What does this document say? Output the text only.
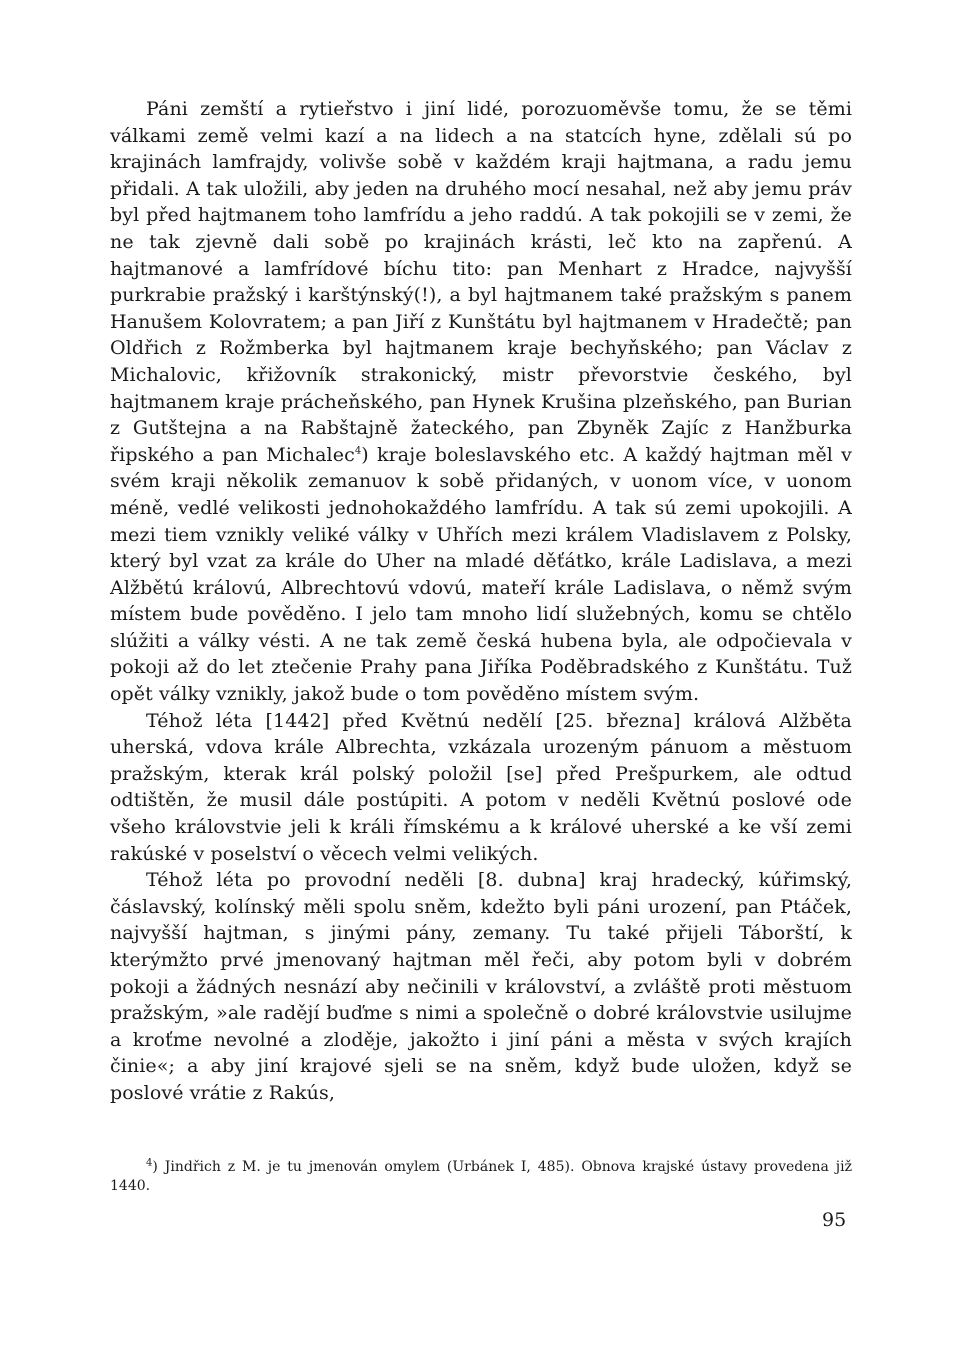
Páni zemští a rytieřstvo i jiní lidé, porozuoměvše tomu, že se těmi válkami země velmi kazí a na lidech a na statcích hyne, zdělali sú po krajinách lamfrajdy, volivše sobě v každém kraji hajtmana, a radu jemu přidali. A tak uložili, aby jeden na druhého mocí nesahal, než aby jemu práv byl před hajtmanem toho lamfrídu a jeho raddú. A tak pokojili se v zemi, že ne tak zjevně dali sobě po krajinách krásti, leč kto na zapřenú. A hajtmanové a lamfrídové bíchu tito: pan Menhart z Hradce, najvyšší purkrabie pražský i karštýnský(!), a byl hajtmanem také pražským s panem Hanušem Kolovratem; a pan Jiří z Kunštátu byl hajtmanem v Hradečtě; pan Oldřich z Rožmberka byl hajtmanem kraje bechyňského; pan Václav z Michalovic, křižovník strakonický, mistr převorstvie českého, byl hajtmanem kraje prácheňského, pan Hynek Krušina plzeňského, pan Burian z Gutštejna a na Rabštajně žateckého, pan Zbyněk Zajíc z Hanžburka řipského a pan Michalec$^4$) kraje boleslavského etc. A každý hajtman měl v svém kraji několik zemanuov k sobě přidaných, v uonom více, v uonom méně, vedlé velikosti jednohokaždého lamfrídu. A tak sú zemi upokojili. A mezi tiem vznikly veliké války v Uhřích mezi králem Vladislavem z Polsky, který byl vzat za krále do Uher na mladé děťátko, krále Ladislava, a mezi Alžbětú královú, Albrechtovú vdovú, mateří krále Ladislava, o němž svým místem bude pověděno. I jelo tam mnoho lidí služebných, komu se chtělo slúžiti a války vésti. A ne tak země česká hubena byla, ale odpočievala v pokoji až do let ztečenie Prahy pana Jiříka Poděbradského z Kunštátu. Tuž opět války vznikly, jakož bude o tom pověděno místem svým.

Téhož léta [1442] před Květnú nedělí [25. března] králová Alžběta uherská, vdova krále Albrechta, vzkázala urozeným pánuom a městuom pražským, kterak král polský položil [se] před Prešpurkem, ale odtud odtištěn, že musil dále postúpiti. A potom v neděli Květnú poslové ode všeho královstvie jeli k králi římskému a k králové uherské a ke vší zemi rakúské v poselství o věcech velmi velikých.

Téhož léta po provodní neděli [8. dubna] kraj hradecký, kúřimský, čáslavský, kolínský měli spolu sněm, kdežto byli páni urození, pan Ptáček, najvyšší hajtman, s jinými pány, zemany. Tu také přijeli Táborští, k kterýmžto prvé jmenovaný hajtman měl řeči, aby potom byli v dobrém pokoji a žádných nesnází aby nečinili v království, a zvláště proti městuom pražským, »ale radějí buďme s nimi a společně o dobré královstvie usilujme a kroťme nevolné a zloděje, jakožto i jiní páni a města v svých krajích činie«; a aby jiní krajové sjeli se na sněm, když bude uložen, když se poslové vrátie z Rakús,

$^4$) Jindřich z M. je tu jmenován omylem (Urbánek I, 485). Obnova krajské ústavy provedena již 1440.
95
